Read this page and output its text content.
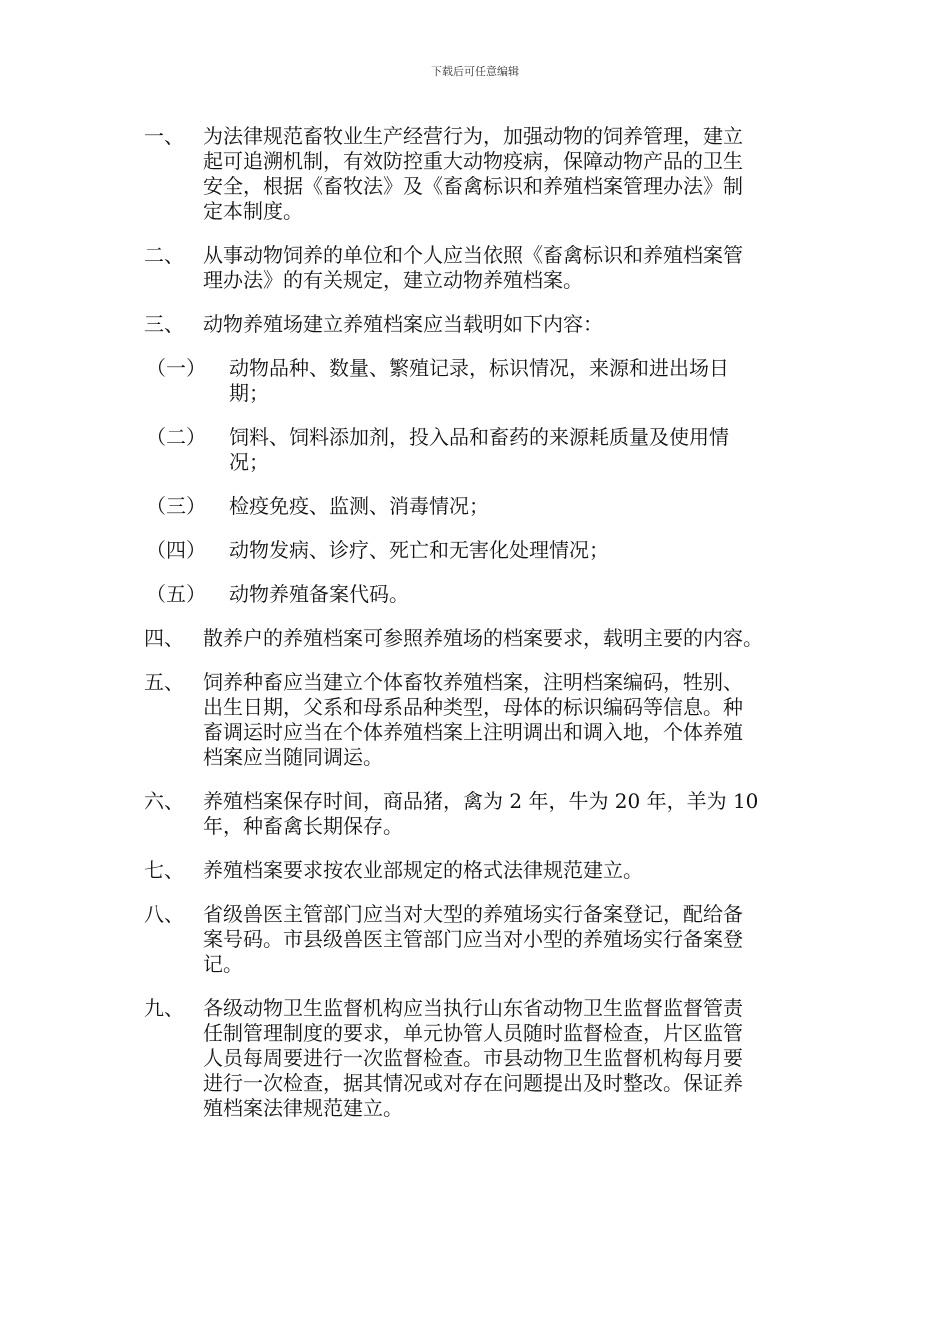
下载后可任意编辑
一、 为法律规范畜牧业生产经营行为，加强动物的饲养管理，建立
起可追溯机制，有效防控重大动物疫病，保障动物产品的卫生
安全，根据《畜牧法》及《畜禽标识和养殖档案管理办法》制
定本制度。
二、 从事动物饲养的单位和个人应当依照《畜禽标识和养殖档案管
理办法》的有关规定，建立动物养殖档案。
三、 动物养殖场建立养殖档案应当载明如下内容：
（一） 动物品种、数量、繁殖记录，标识情况，来源和进出场日
期；
（二） 饲料、饲料添加剂，投入品和畜药的来源耗质量及使用情
况；
（三） 检疫免疫、监测、消毒情况；
（四） 动物发病、诊疗、死亡和无害化处理情况；
（五） 动物养殖备案代码。
四、 散养户的养殖档案可参照养殖场的档案要求，载明主要的内容。
五、 饲养种畜应当建立个体畜牧养殖档案，注明档案编码，牲别、
出生日期，父系和母系品种类型，母体的标识编码等信息。种
畜调运时应当在个体养殖档案上注明调出和调入地，个体养殖
档案应当随同调运。
六、 养殖档案保存时间，商品猪，禽为 2 年，牛为 20 年，羊为 10
年，种畜禽长期保存。
七、 养殖档案要求按农业部规定的格式法律规范建立。
八、 省级兽医主管部门应当对大型的养殖场实行备案登记，配给备
案号码。市县级兽医主管部门应当对小型的养殖场实行备案登
记。
九、 各级动物卫生监督机构应当执行山东省动物卫生监督监督管责
任制管理制度的要求，单元协管人员随时监督检查，片区监管
人员每周要进行一次监督检查。市县动物卫生监督机构每月要
进行一次检查，据其情况或对存在问题提出及时整改。保证养
殖档案法律规范建立。
